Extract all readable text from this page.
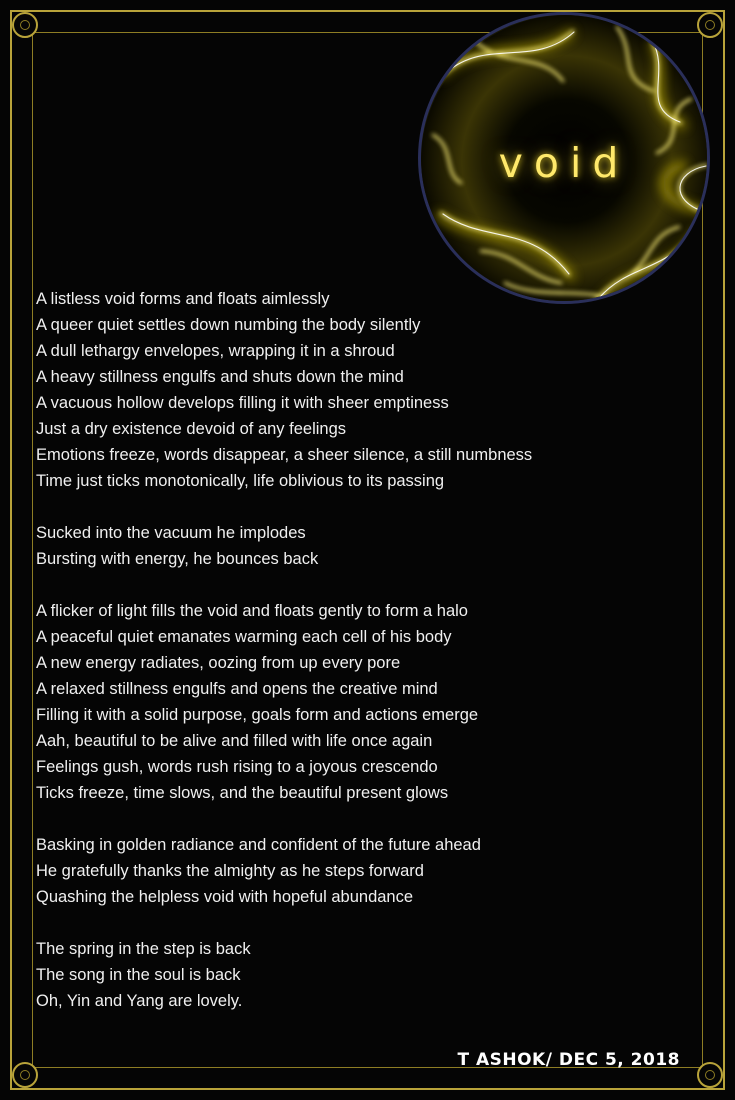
void
A listless void forms and floats aimlessly
A queer quiet settles down numbing the body silently
A dull lethargy envelopes, wrapping it in a shroud
A heavy stillness engulfs and shuts down the mind
A vacuous hollow develops filling it with sheer emptiness
Just a dry existence devoid of any feelings
Emotions freeze, words disappear, a sheer silence, a still numbness
Time just ticks monotonically, life oblivious to its passing
Sucked into the vacuum he implodes
Bursting with energy, he bounces back
A flicker of light fills the void and floats gently to form a halo
A peaceful quiet emanates warming each cell of his body
A new energy radiates, oozing from up every pore
A relaxed stillness engulfs and opens the creative mind
Filling it with a solid purpose, goals form and actions emerge
Aah, beautiful to be alive and filled with life once again
Feelings gush, words rush rising to a joyous crescendo
Ticks freeze, time slows, and the beautiful present glows
Basking in golden radiance and confident of the future ahead
He gratefully thanks the almighty as he steps forward
Quashing the helpless void with hopeful abundance
The spring in the step is back
The song in the soul is back
Oh, Yin and Yang are lovely.
T ASHOK/ DEC 5, 2018
